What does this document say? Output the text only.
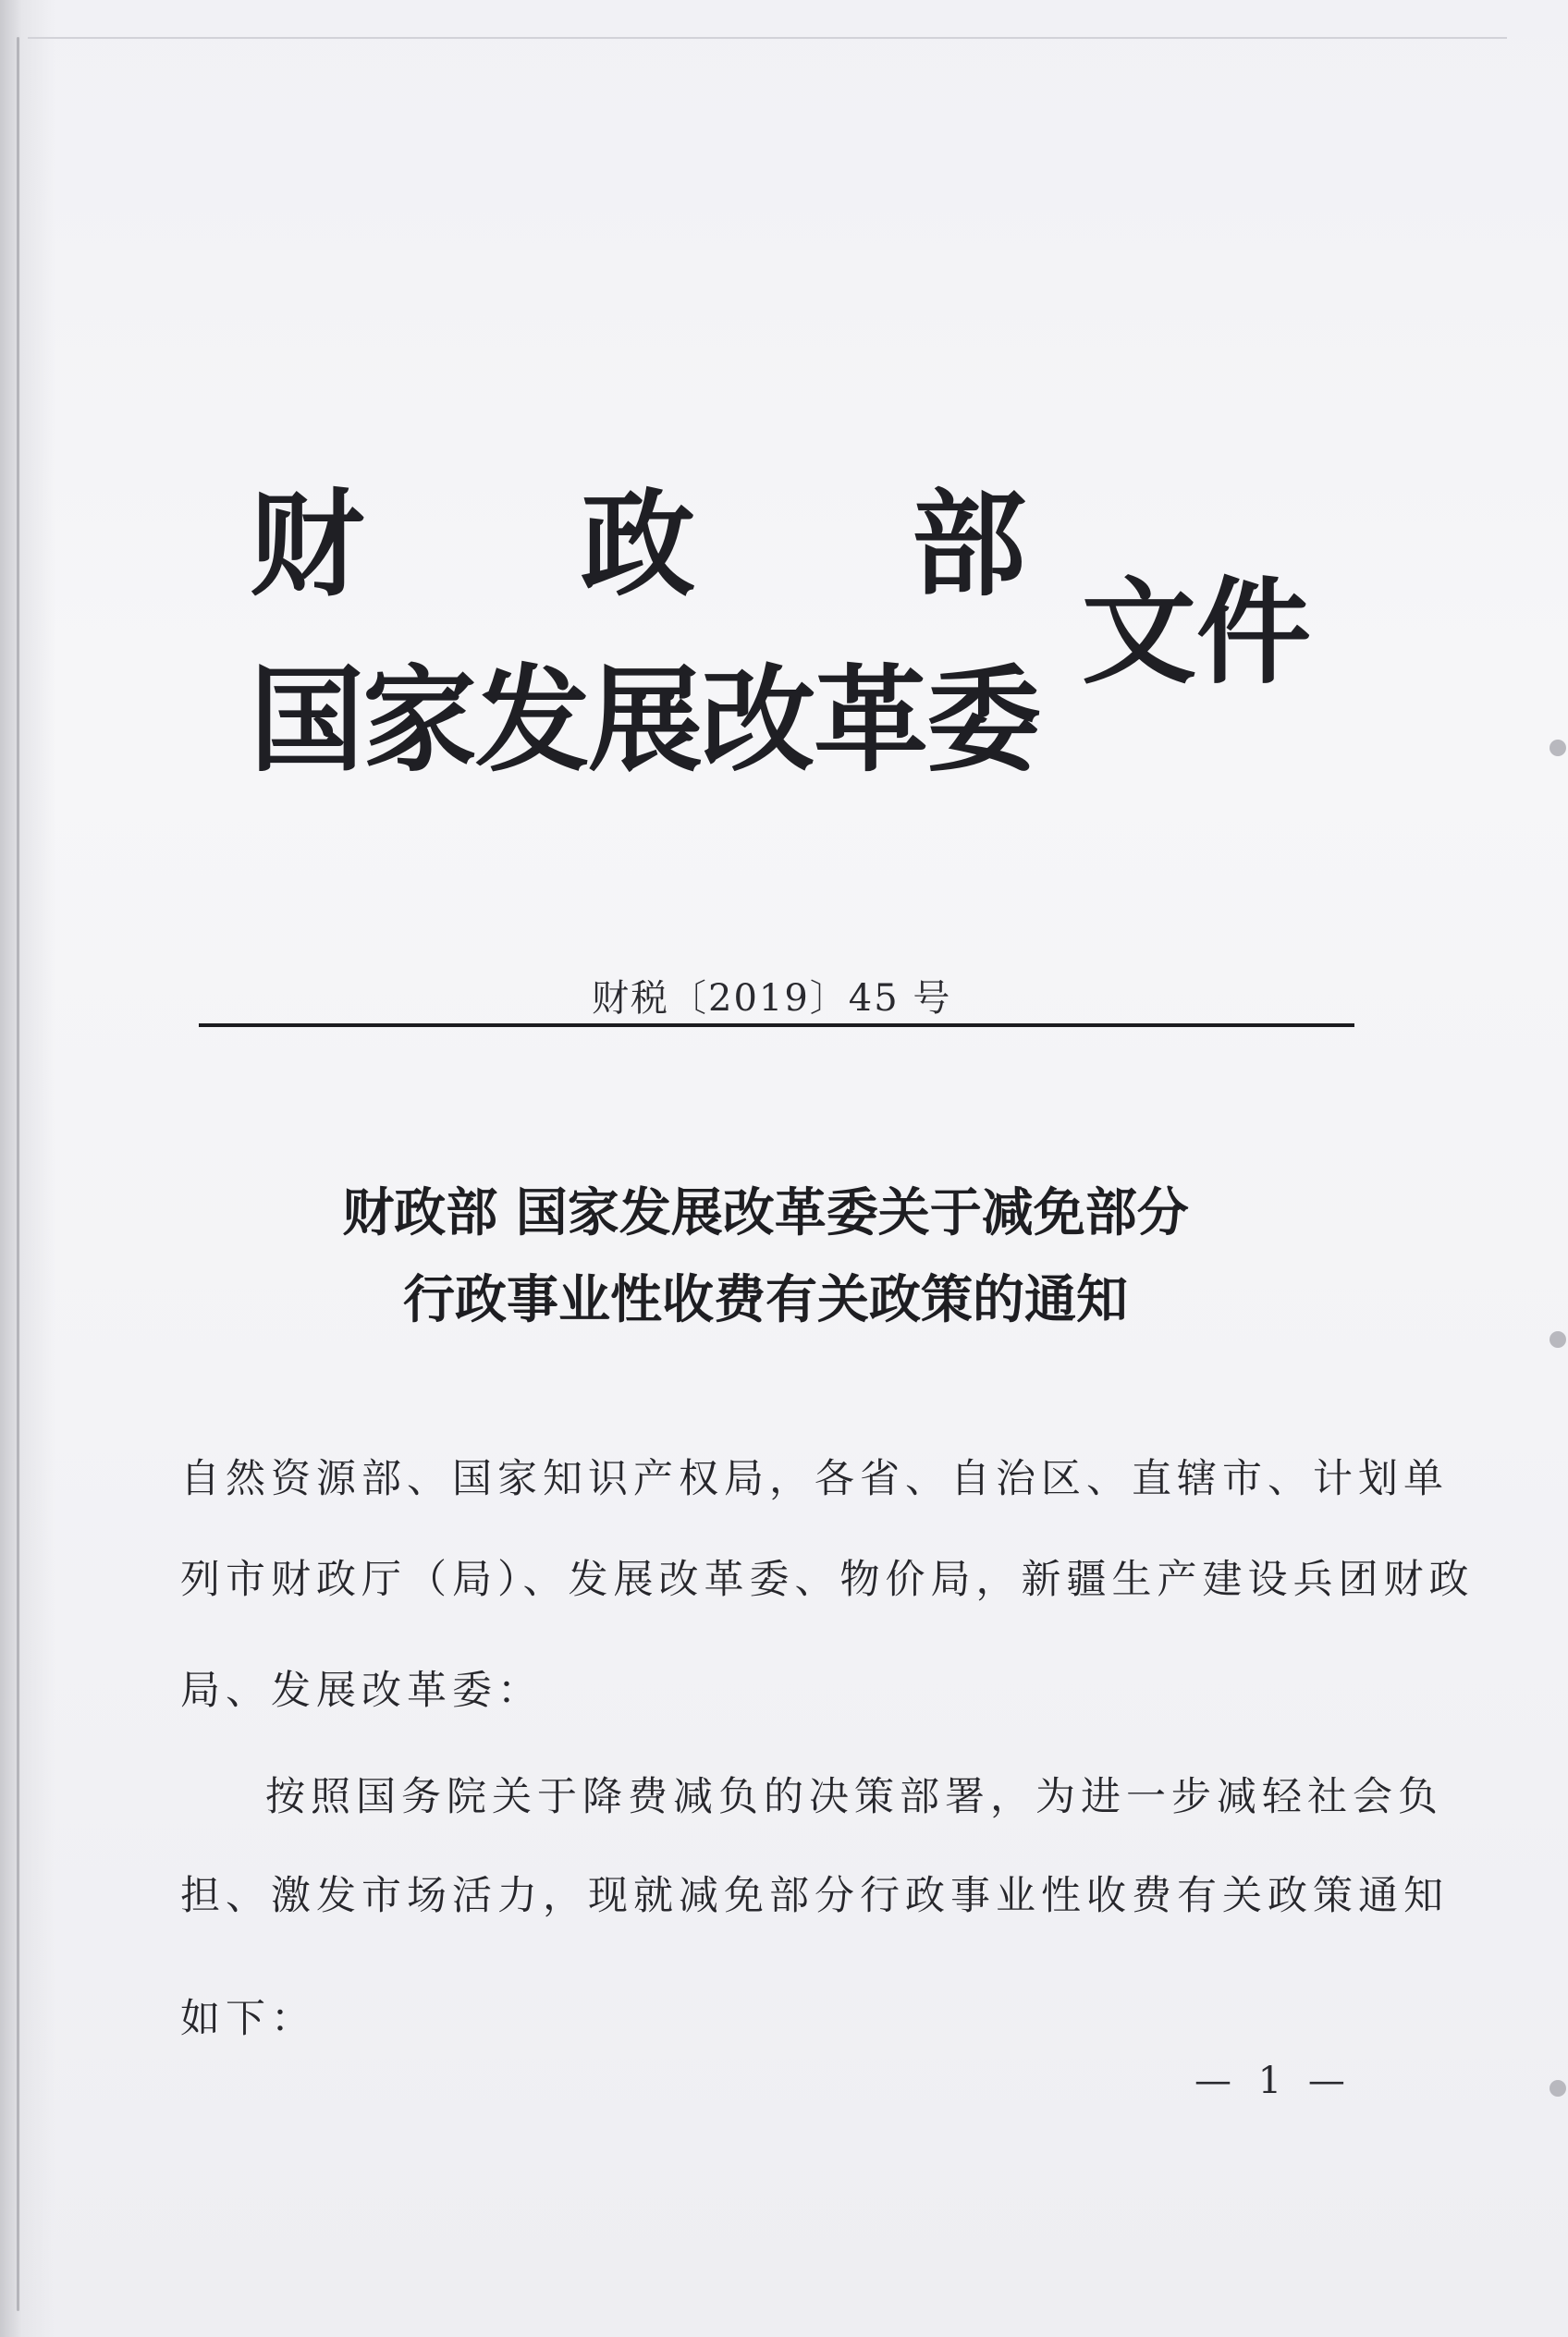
财 政 部
国家发展改革委
文件
财税〔2019〕45 号
财政部 国家发展改革委关于减免部分
行政事业性收费有关政策的通知
自然资源部、国家知识产权局，各省、自治区、直辖市、计划单
列市财政厅（局）、发展改革委、物价局，新疆生产建设兵团财政
局、发展改革委：
按照国务院关于降费减负的决策部署，为进一步减轻社会负
担、激发市场活力，现就减免部分行政事业性收费有关政策通知
如下：
— 1 —
